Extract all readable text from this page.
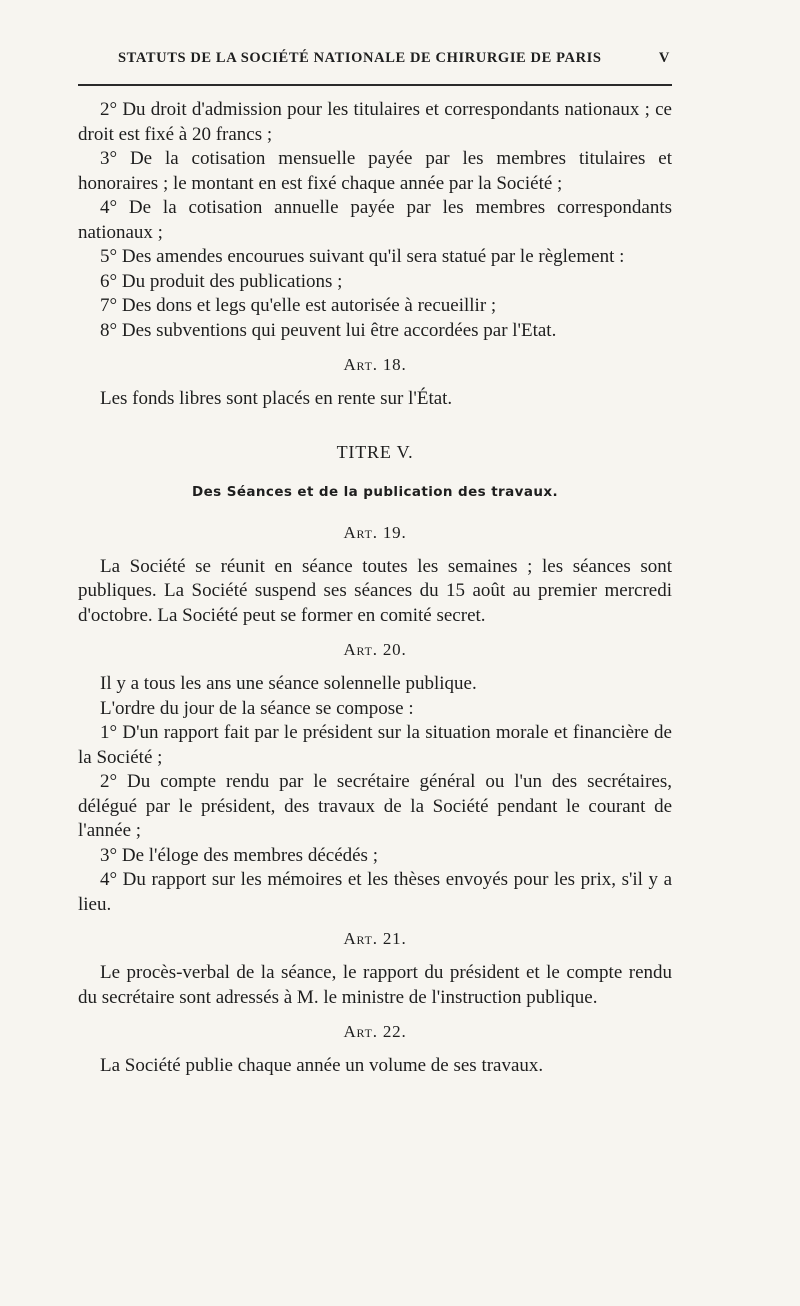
STATUTS DE LA SOCIÉTÉ NATIONALE DE CHIRURGIE DE PARIS	V

2° Du droit d'admission pour les titulaires et correspondants nationaux ; ce droit est fixé à 20 francs ;

3° De la cotisation mensuelle payée par les membres titulaires et honoraires ; le montant en est fixé chaque année par la Société ;

4° De la cotisation annuelle payée par les membres correspondants nationaux ;

5° Des amendes encourues suivant qu'il sera statué par le règlement :

6° Du produit des publications ;

7° Des dons et legs qu'elle est autorisée à recueillir ;

8° Des subventions qui peuvent lui être accordées par l'Etat.

Art. 18.

Les fonds libres sont placés en rente sur l'État.

TITRE V.

Des Séances et de la publication des travaux.

Art. 19.

La Société se réunit en séance toutes les semaines ; les séances sont publiques. La Société suspend ses séances du 15 août au premier mercredi d'octobre. La Société peut se former en comité secret.

Art. 20.

Il y a tous les ans une séance solennelle publique.

L'ordre du jour de la séance se compose :

1° D'un rapport fait par le président sur la situation morale et financière de la Société ;

2° Du compte rendu par le secrétaire général ou l'un des secrétaires, délégué par le président, des travaux de la Société pendant le courant de l'année ;

3° De l'éloge des membres décédés ;

4° Du rapport sur les mémoires et les thèses envoyés pour les prix, s'il y a lieu.

Art. 21.

Le procès-verbal de la séance, le rapport du président et le compte rendu du secrétaire sont adressés à M. le ministre de l'instruction publique.

Art. 22.

La Société publie chaque année un volume de ses travaux.
